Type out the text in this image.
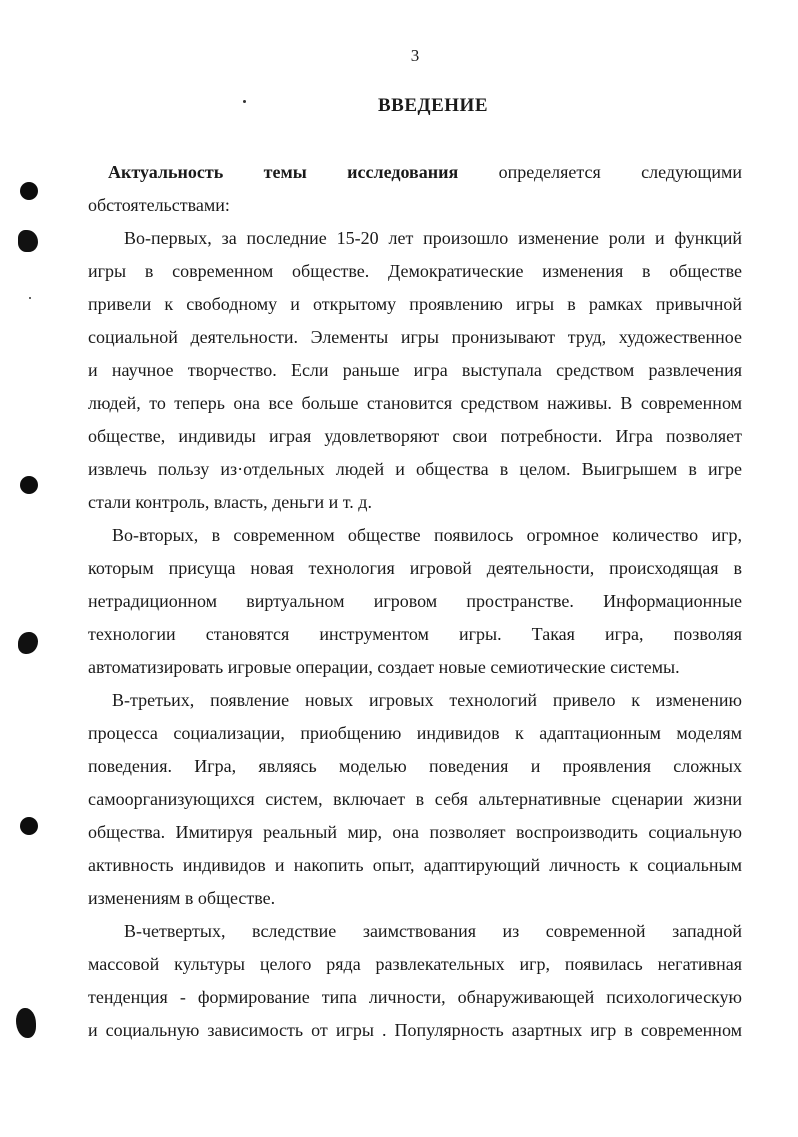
3
ВВЕДЕНИЕ
Актуальность темы исследования определяется следующими
обстоятельствами:
Во-первых, за последние 15-20 лет произошло изменение роли и функций
игры в современном обществе. Демократические изменения в обществе
привели к свободному и открытому проявлению игры в рамках привычной
социальной деятельности. Элементы игры пронизывают труд, художественное
и научное творчество. Если раньше игра выступала средством развлечения
людей, то теперь она все больше становится средством наживы. В современном
обществе, индивиды играя удовлетворяют свои потребности. Игра позволяет
извлечь пользу из·отдельных людей и общества в целом. Выигрышем в игре
стали контроль, власть, деньги и т. д.
Во-вторых, в современном обществе появилось огромное количество игр,
которым присуща новая технология игровой деятельности, происходящая в
нетрадиционном виртуальном игровом пространстве. Информационные
технологии становятся инструментом игры. Такая игра, позволяя
автоматизировать игровые операции, создает новые семиотические системы.
В-третьих, появление новых игровых технологий привело к изменению
процесса социализации, приобщению индивидов к адаптационным моделям
поведения. Игра, являясь моделью поведения и проявления сложных
самоорганизующихся систем, включает в себя альтернативные сценарии жизни
общества. Имитируя реальный мир, она позволяет воспроизводить социальную
активность индивидов и накопить опыт, адаптирующий личность к социальным
изменениям в обществе.
В-четвертых, вследствие заимствования из современной западной
массовой культуры целого ряда развлекательных игр, появилась негативная
тенденция - формирование типа личности, обнаруживающей психологическую
и социальную зависимость от игры . Популярность азартных игр в современном
